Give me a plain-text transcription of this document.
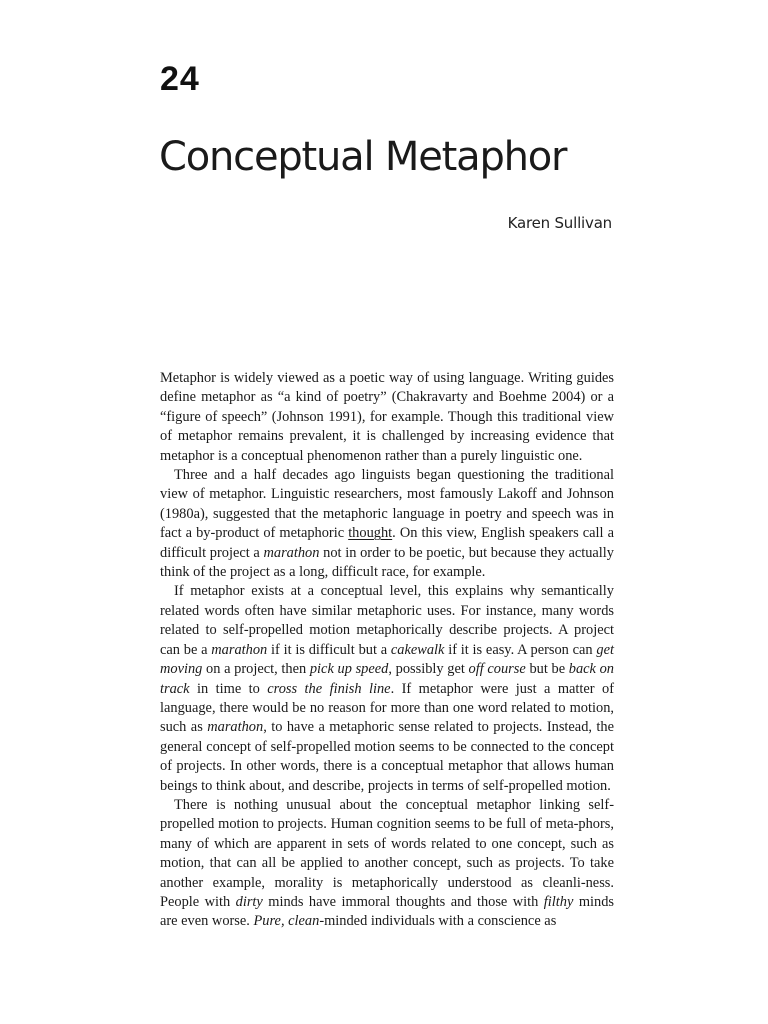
24
Conceptual Metaphor
Karen Sullivan

Metaphor is widely viewed as a poetic way of using language. Writing guides define metaphor as “a kind of poetry” (Chakravarty and Boehme 2004) or a “figure of speech” (Johnson 1991), for example. Though this traditional view of metaphor remains prevalent, it is challenged by increasing evidence that metaphor is a conceptual phenomenon rather than a purely linguistic one.

Three and a half decades ago linguists began questioning the traditional view of metaphor. Linguistic researchers, most famously Lakoff and Johnson (1980a), suggested that the metaphoric language in poetry and speech was in fact a by-product of metaphoric thought. On this view, English speakers call a difficult project a marathon not in order to be poetic, but because they actually think of the project as a long, difficult race, for example.

If metaphor exists at a conceptual level, this explains why semantically related words often have similar metaphoric uses. For instance, many words related to self-propelled motion metaphorically describe projects. A project can be a marathon if it is difficult but a cakewalk if it is easy. A person can get moving on a project, then pick up speed, possibly get off course but be back on track in time to cross the finish line. If metaphor were just a matter of language, there would be no reason for more than one word related to motion, such as marathon, to have a metaphoric sense related to projects. Instead, the general concept of self-propelled motion seems to be connected to the concept of projects. In other words, there is a conceptual metaphor that allows human beings to think about, and describe, projects in terms of self-propelled motion.

There is nothing unusual about the conceptual metaphor linking self-propelled motion to projects. Human cognition seems to be full of meta-phors, many of which are apparent in sets of words related to one concept, such as motion, that can all be applied to another concept, such as projects. To take another example, morality is metaphorically understood as cleanli-ness. People with dirty minds have immoral thoughts and those with filthy minds are even worse. Pure, clean-minded individuals with a conscience as
